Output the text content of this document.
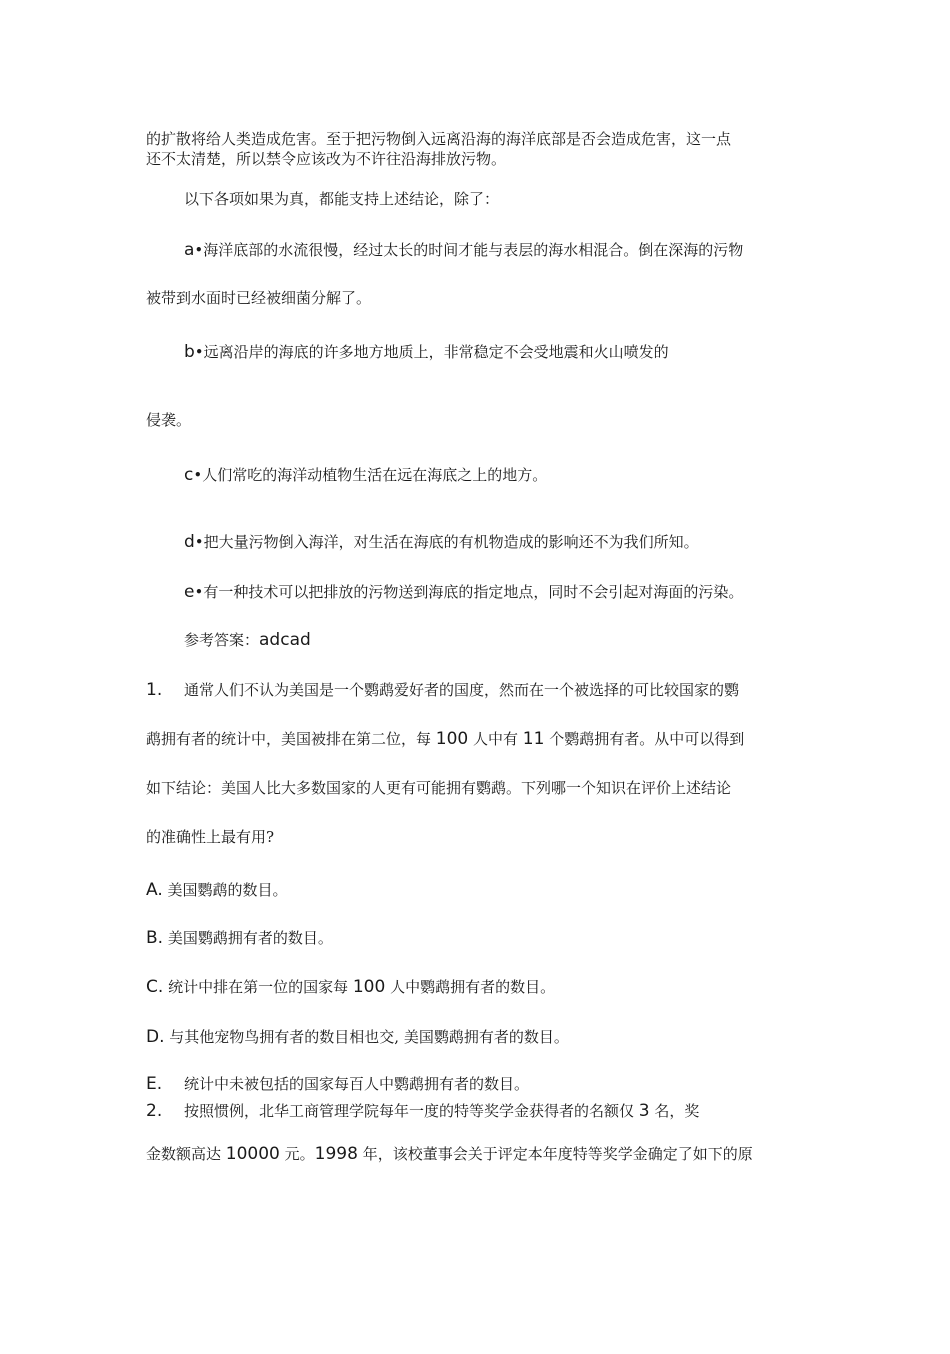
的扩散将给人类造成危害。至于把污物倒入远离沿海的海洋底部是否会造成危害，这一点
还不太清楚，所以禁令应该改为不许往沿海排放污物。
以下各项如果为真，都能支持上述结论，除了：
a•海洋底部的水流很慢，经过太长的时间才能与表层的海水相混合。倒在深海的污物
被带到水面时已经被细菌分解了。
b•远离沿岸的海底的许多地方地质上，非常稳定不会受地震和火山喷发的
侵袭。
c•人们常吃的海洋动植物生活在远在海底之上的地方。
d•把大量污物倒入海洋，对生活在海底的有机物造成的影响还不为我们所知。
e•有一种技术可以把排放的污物送到海底的指定地点，同时不会引起对海面的污染。
参考答案：adcad
1. 通常人们不认为美国是一个鹦鹉爱好者的国度，然而在一个被选择的可比较国家的鹦
鹉拥有者的统计中，美国被排在第二位，每 100 人中有 11 个鹦鹉拥有者。从中可以得到
如下结论：美国人比大多数国家的人更有可能拥有鹦鹉。下列哪一个知识在评价上述结论
的准确性上最有用?
A. 美国鹦鹉的数目。
B. 美国鹦鹉拥有者的数目。
C. 统计中排在第一位的国家每 100 人中鹦鹉拥有者的数目。
D. 与其他宠物鸟拥有者的数目相也交, 美国鹦鹉拥有者的数目。
E. 统计中未被包括的国家每百人中鹦鹉拥有者的数目。
2. 按照惯例，北华工商管理学院每年一度的特等奖学金获得者的名额仅 3 名，奖
金数额高达 10000 元。1998 年，该校董事会关于评定本年度特等奖学金确定了如下的原
